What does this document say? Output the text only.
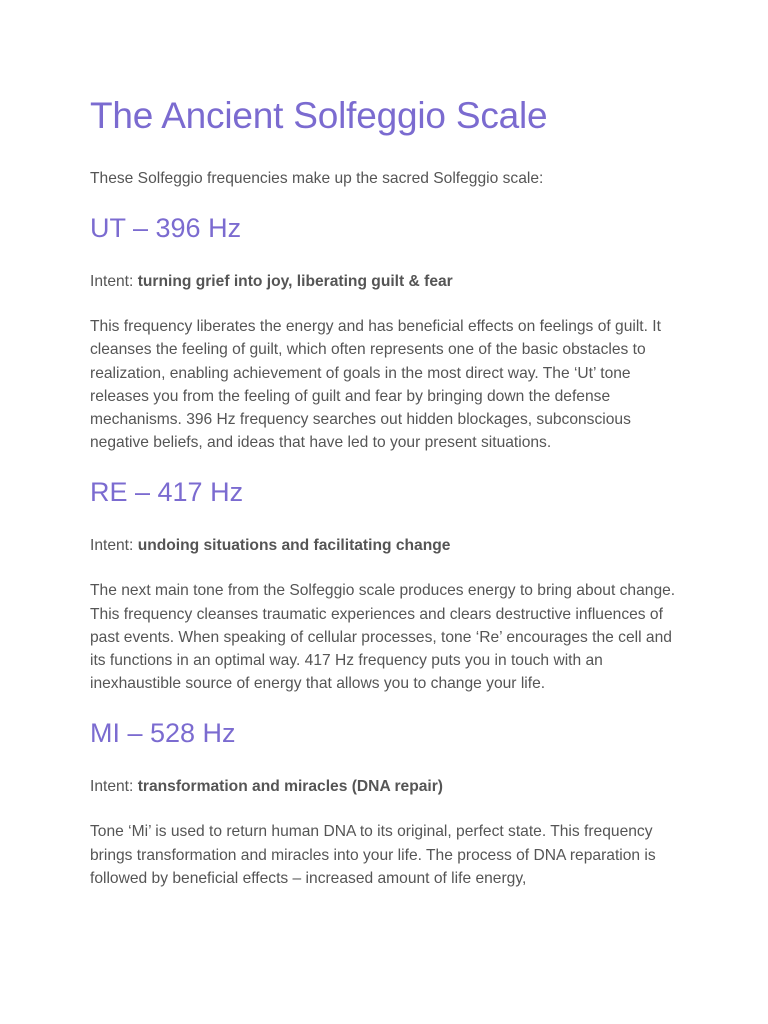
The Ancient Solfeggio Scale

These Solfeggio frequencies make up the sacred Solfeggio scale:

UT – 396 Hz

Intent: turning grief into joy, liberating guilt & fear

This frequency liberates the energy and has beneficial effects on feelings of guilt. It cleanses the feeling of guilt, which often represents one of the basic obstacles to realization, enabling achievement of goals in the most direct way. The ‘Ut’ tone releases you from the feeling of guilt and fear by bringing down the defense mechanisms. 396 Hz frequency searches out hidden blockages, subconscious negative beliefs, and ideas that have led to your present situations.

RE – 417 Hz

Intent: undoing situations and facilitating change

The next main tone from the Solfeggio scale produces energy to bring about change. This frequency cleanses traumatic experiences and clears destructive influences of past events. When speaking of cellular processes, tone ‘Re’ encourages the cell and its functions in an optimal way. 417 Hz frequency puts you in touch with an inexhaustible source of energy that allows you to change your life.

MI – 528 Hz

Intent: transformation and miracles (DNA repair)

Tone ‘Mi’ is used to return human DNA to its original, perfect state. This frequency brings transformation and miracles into your life. The process of DNA reparation is followed by beneficial effects – increased amount of life energy,
